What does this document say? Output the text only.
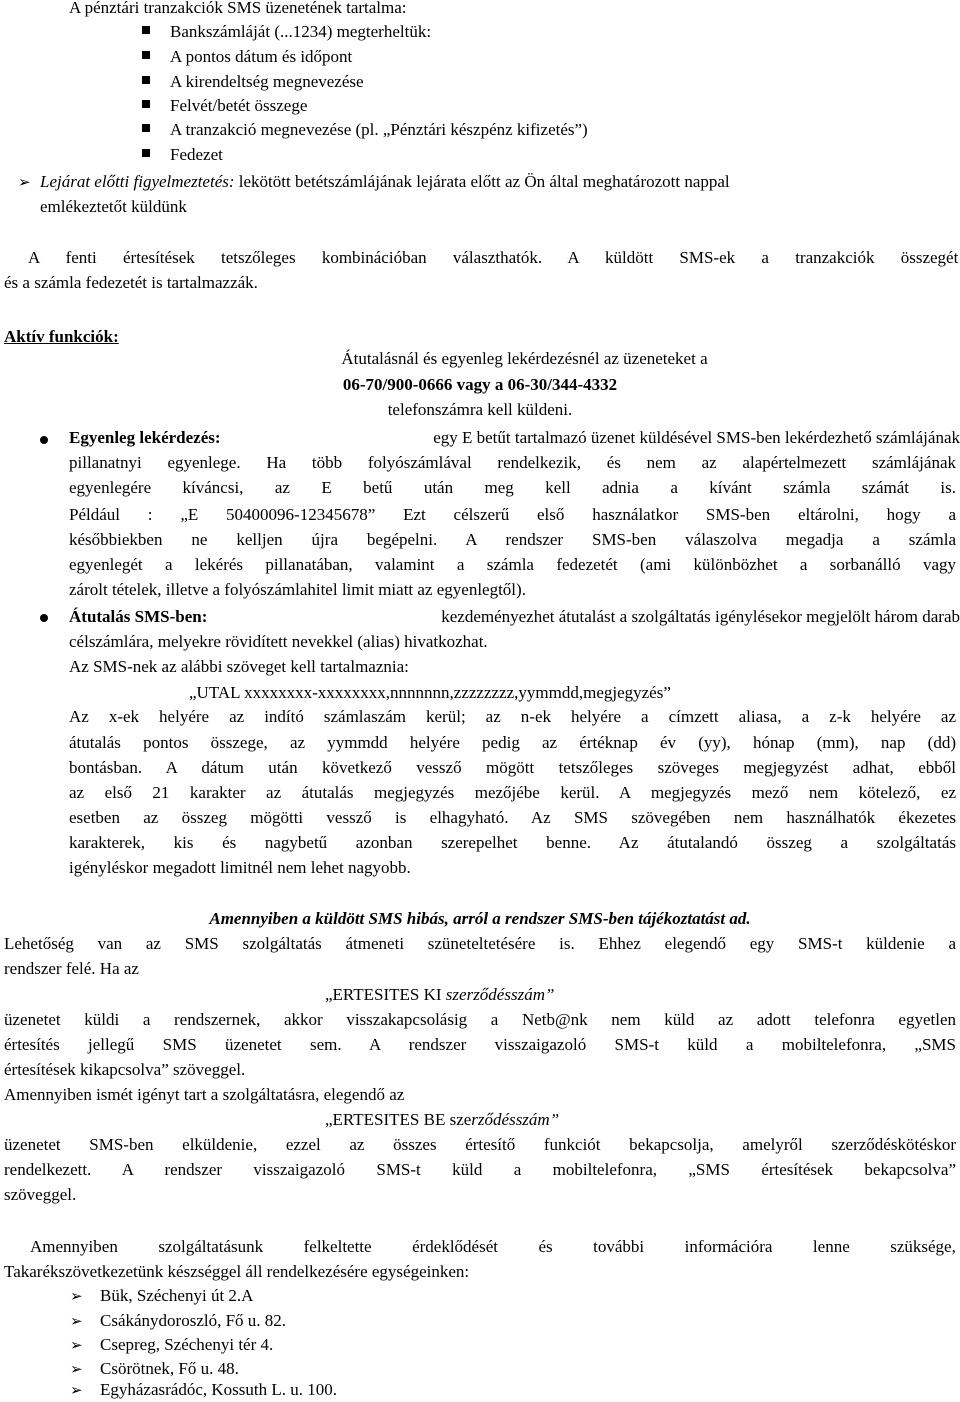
A pénztári tranzakciók SMS üzenetének tartalma:
Bankszámláját (...1234) megterheltük:
A pontos dátum és időpont
A kirendeltség megnevezése
Felvét/betét összege
A tranzakció megnevezése (pl. „Pénztári készpénz kifizetés”)
Fedezet
➢ Lejárat előtti figyelmeztetés: lekötött betétszámlájának lejárata előtt az Ön által meghatározott nappal
emlékeztetőt küldünk
A fenti értesítések tetszőleges kombinációban választhatók. A küldött SMS-ek a tranzakciók összegét
és a számla fedezetét is tartalmazzák.
Aktív funkciók:
Átutalásnál és egyenleg lekérdezésnél az üzeneteket a
06-70/900-0666 vagy a 06-30/344-4332
telefonszámra kell küldeni.
Egyenleg lekérdezés:	egy E betűt tartalmazó üzenet küldésével SMS-ben lekérdezhető számlájának
pillanatnyi egyenlege. Ha több folyószámlával rendelkezik, és nem az alapértelmezett számlájának
egyenlegére kíváncsi, az E betű után meg kell adnia a kívánt számla számát is.
Például : „E 50400096-12345678” Ezt célszerű első használatkor SMS-ben eltárolni, hogy a
későbbiekben ne kelljen újra begépelni. A rendszer SMS-ben válaszolva megadja a számla
egyenlegét a lekérés pillanatában, valamint a számla fedezetét (ami különbözhet a sorbanálló vagy
zárolt tételek, illetve a folyószámlahitel limit miatt az egyenlegtől).
Átutalás SMS-ben:	kezdeményezhet átutalást a szolgáltatás igénylésekor megjelölt három darab
célszámlára, melyekre rövidített nevekkel (alias) hivatkozhat.
Az SMS-nek az alábbi szöveget kell tartalmaznia:
„UTAL xxxxxxxx-xxxxxxxx,nnnnnnn,zzzzzzzz,yymmdd,megjegyzés”
Az x-ek helyére az indító számlaszám kerül; az n-ek helyére a címzett aliasa, a z-k helyére az
átutalás pontos összege, az yymmdd helyére pedig az értéknap év (yy), hónap (mm), nap (dd)
bontásban. A dátum után következő vessző mögött tetszőleges szöveges megjegyzést adhat, ebből
az első 21 karakter az átutalás megjegyzés mezőjébe kerül. A megjegyzés mező nem kötelező, ez
esetben az összeg mögötti vessző is elhagyható. Az SMS szövegében nem használhatók ékezetes
karakterek, kis és nagybetű azonban szerepelhet benne. Az átutalandó összeg a szolgáltatás
igényléskor megadott limitnél nem lehet nagyobb.
Amennyiben a küldött SMS hibás, arról a rendszer SMS-ben tájékoztatást ad.
Lehetőség van az SMS szolgáltatás átmeneti szüneteltetésére is. Ehhez elegendő egy SMS-t küldenie a
rendszer felé. Ha az
„ERTESITES KI szerződésszám”
üzenetet küldi a rendszernek, akkor visszakapcsolásig a Netb@nk nem küld az adott telefonra egyetlen
értesítés jellegű SMS üzenetet sem. A rendszer visszaigazoló SMS-t küld a mobiltelefonra, „SMS
értesítések kikapcsolva” szöveggel.
Amennyiben ismét igényt tart a szolgáltatásra, elegendő az
„ERTESITES BE szerződésszám”
üzenetet SMS-ben elküldenie, ezzel az összes értesítő funkciót bekapcsolja, amelyről szerződéskötéskor
rendelkezett. A rendszer visszaigazoló SMS-t küld a mobiltelefonra, „SMS értesítések bekapcsolva”
szöveggel.
Amennyiben szolgáltatásunk felkeltette érdeklődését és további információra lenne szüksége,
Takarékszövetkezetünk készséggel áll rendelkezésére egységeinken:
➢ Bük, Széchenyi út 2.A
➢ Csákánydoroszló, Fő u. 82.
➢ Csepreg, Széchenyi tér 4.
➢ Csörötnek, Fő u. 48.
➢ Egyházasrádóc, Kossuth L. u. 100.
